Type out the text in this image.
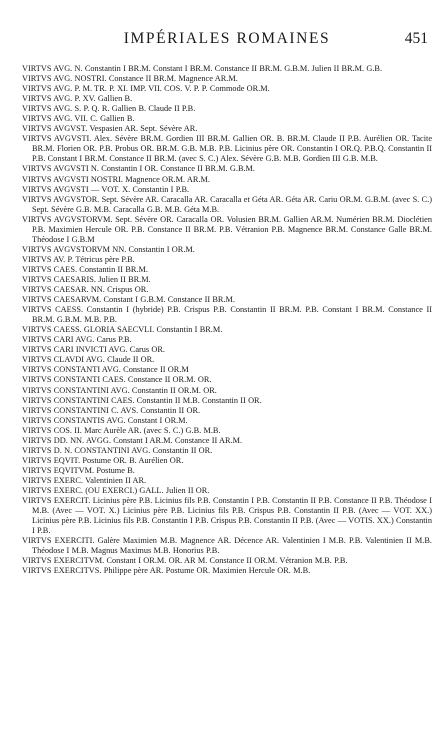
IMPÉRIALES ROMAINES	451
VIRTVS AVG. N. Constantin I BR.M. Constant I BR.M. Constance II BR.M. G.B.M. Julien II BR.M. G.B.
VIRTVS AVG. NOSTRI. Constance II BR.M. Magnence AR.M.
VIRTVS AVG. P. M. TR. P. XI. IMP. VII. COS. V. P. P. Commode OR.M.
VIRTVS AVG. P. XV. Gallien B.
VIRTVS AVG. S. P. Q. R. Gallien B. Claude II P.B.
VIRTVS AVG. VII. C. Gallien B.
VIRTVS AVGVST. Vespasien AR. Sept. Sévère AR.
VIRTVS AVGVSTI. Alex. Sévère BR.M. Gordien III BR.M. Gallien OR. B. BR.M. Claude II P.B. Aurélien OR. Tacite BR.M. Florien OR. P.B. Probus OR. BR.M. G.B. M.B. P.B. Licinius père OR. Constantin I OR.Q. P.B.Q. Constantin II P.B. Constant I BR.M. Constance II BR.M. (avec S. C.) Alex. Sévère G.B. M.B. Gordien III G.B. M.B.
VIRTVS AVGVSTI N. Constantin I OR. Constance II BR.M. G.B.M.
VIRTVS AVGVSTI NOSTRI. Magnence OR.M. AR.M.
VIRTVS AVGVSTI — VOT. X. Constantin I P.B.
VIRTVS AVGVSTOR. Sept. Sévère AR. Caracalla AR. Caracalla et Géta AR. Géta AR. Cariu OR.M. G.B.M. (avec S. C.) Sept. Sévère G.B. M.B. Caracalla G.B. M.B. Géta M.B.
VIRTVS AVGVSTORVM. Sept. Sévère OR. Caracalla OR. Volusien BR.M. Gallien AR.M. Numérien BR.M. Dioclétien P.B. Maximien Hercule OR. P.B. Constance II BR.M. P.B. Vétranion P.B. Magnence BR.M. Constance Galle BR.M. Théodose I G.B.M
VIRTVS AVGVSTORVM NN. Constantin I OR.M.
VIRTVS AV. P. Tétricus père P.B.
VIRTVS CAES. Constantin II BR.M.
VIRTVS CAESARIS. Julien II BR.M.
VIRTVS CAESAR. NN. Crispus OR.
VIRTVS CAESARVM. Constant I G.B.M. Constance II BR.M.
VIRTVS CAESS. Constantin I (hybride) P.B. Crispus P.B. Constantin II BR.M. P.B. Constant I BR.M. Constance II BR.M. G.B.M. M.B. P.B.
VIRTVS CAESS. GLORIA SAECVLI. Constantin I BR.M.
VIRTVS CARI AVG. Carus P.B.
VIRTVS CARI INVICTI AVG. Carus OR.
VIRTVS CLAVDI AVG. Claude II OR.
VIRTVS CONSTANTI AVG. Constance II OR.M
VIRTVS CONSTANTI CAES. Constance II OR.M. OR.
VIRTVS CONSTANTINI AVG. Constantin II OR.M. OR.
VIRTVS CONSTANTINI CAES. Constantin II M.B. Constantin II OR.
VIRTVS CONSTANTINI C. AVS. Constantin II OR.
VIRTVS CONSTANTIS AVG. Constant I OR.M.
VIRTVS COS. II. Marc Aurèle AR. (avec S. C.) G.B. M.B.
VIRTVS DD. NN. AVGG. Constant I AR.M. Constance II AR.M.
VIRTVS D. N. CONSTANTINI AVG. Constantin II OR.
VIRTVS EQVIT. Postume OR. B. Aurélien OR.
VIRTVS EQVITVM. Postume B.
VIRTVS EXERC. Valentinien II AR.
VIRTVS EXERC. (OU EXERCI.) GALL. Julien II OR.
VIRTVS EXERCIT. Licinius père P.B. Licinius fils P.B. Constantin I P.B. Constantin II P.B. Constance II P.B. Théodose I M.B. (Avec — VOT. X.) Licinius père P.B. Licinius fils P.B. Crispus P.B. Constantin II P.B. (Avec — VOT. XX.) Licinius père P.B. Licinius fils P.B. Constantin I P.B. Crispus P.B. Constantin II P.B. (Avec — VOTIS. XX.) Constantin I P.B.
VIRTVS EXERCITI. Galère Maximien M.B. Magnence AR. Décence AR. Valentinien I M.B. P.B. Valentinien II M.B. Théodose I M.B. Magnus Maximus M.B. Honorius P.B.
VIRTVS EXERCITVM. Constant I OR.M. OR. AR M. Constance II OR.M. Vétranion M.B. P.B.
VIRTVS EXERCITVS. Philippe père AR. Postume OR. Maximien Hercule OR. M.B.
